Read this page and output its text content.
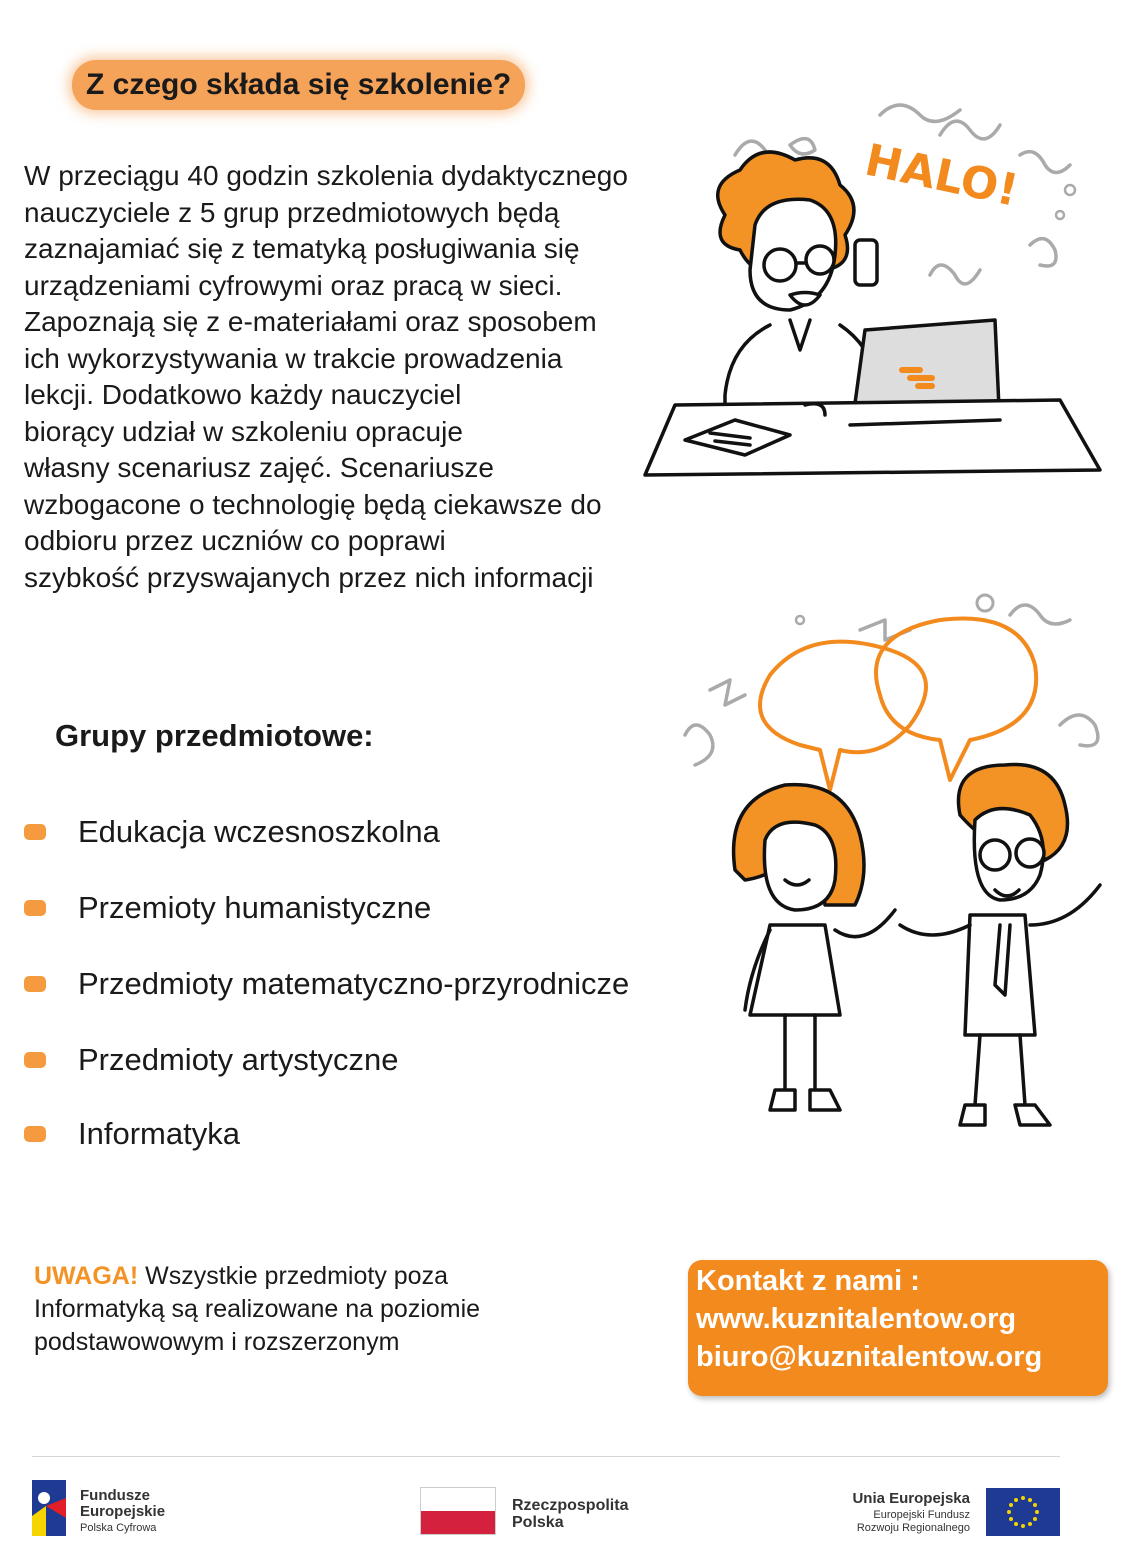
Z czego składa się szkolenie?

W przeciągu 40 godzin szkolenia dydaktycznego
nauczyciele z 5 grup przedmiotowych będą
zaznajamiać się z tematyką posługiwania się
urządzeniami cyfrowymi oraz pracą w sieci.
Zapoznają się z e-materiałami oraz sposobem
ich wykorzystywania w trakcie prowadzenia
lekcji. Dodatkowo każdy nauczyciel
biorący udział w szkoleniu opracuje
własny scenariusz zajęć. Scenariusze
wzbogacone o technologię będą ciekawsze do
odbioru przez uczniów co poprawi
szybkość przyswajanych przez nich informacji

HALO!
Grupy przedmiotowe:
Edukacja wczesnoszkolna
Przemioty humanistyczne
Przedmioty matematyczno-przyrodnicze
Przedmioty artystyczne
Informatyka
UWAGA! Wszystkie przedmioty poza
Informatyką są realizowane na poziomie
podstawowowym i rozszerzonym
Kontakt z nami :
www.kuznitalentow.org
biuro@kuznitalentow.org
Fundusze
Europejskie
Polska Cyfrowa
Rzeczpospolita
Polska
Unia Europejska
Europejski Fundusz
Rozwoju Regionalnego
